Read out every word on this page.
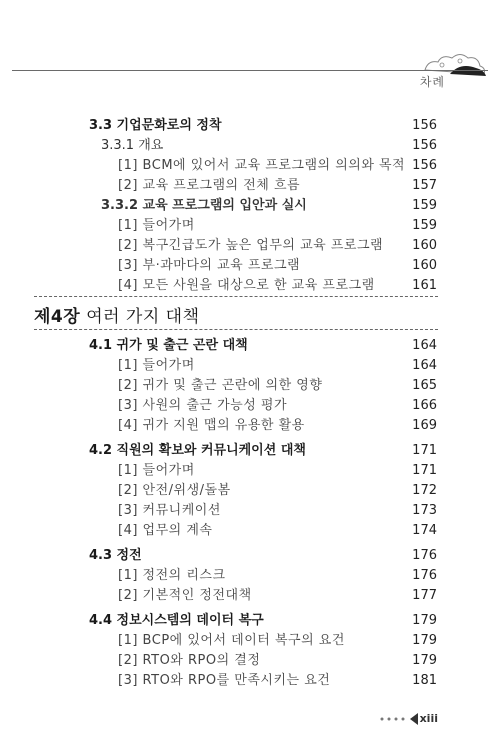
차례
3.3 기업문화로의 정착	156
3.3.1 개요	156
[1] BCM에 있어서 교육 프로그램의 의의와 목적 156
[2] 교육 프로그램의 전체 흐름	157
3.3.2 교육 프로그램의 입안과 실시	159
[1] 들어가며	159
[2] 복구긴급도가 높은 업무의 교육 프로그램 160
[3] 부·과마다의 교육 프로그램	160
[4] 모든 사원을 대상으로 한 교육 프로그램	161
제4장 여러 가지 대책
4.1 귀가 및 출근 곤란 대책	164
[1] 들어가며	164
[2] 귀가 및 출근 곤란에 의한 영향	165
[3] 사원의 출근 가능성 평가	166
[4] 귀가 지원 맵의 유용한 활용	169
4.2 직원의 확보와 커뮤니케이션 대책	171
[1] 들어가며	171
[2] 안전/위생/돌봄	172
[3] 커뮤니케이션	173
[4] 업무의 계속	174
4.3 정전	176
[1] 정전의 리스크	176
[2] 기본적인 정전대책	177
4.4 정보시스템의 데이터 복구	179
[1] BCP에 있어서 데이터 복구의 요건	179
[2] RTO와 RPO의 결정	179
[3] RTO와 RPO를 만족시키는 요건	181
xiii
